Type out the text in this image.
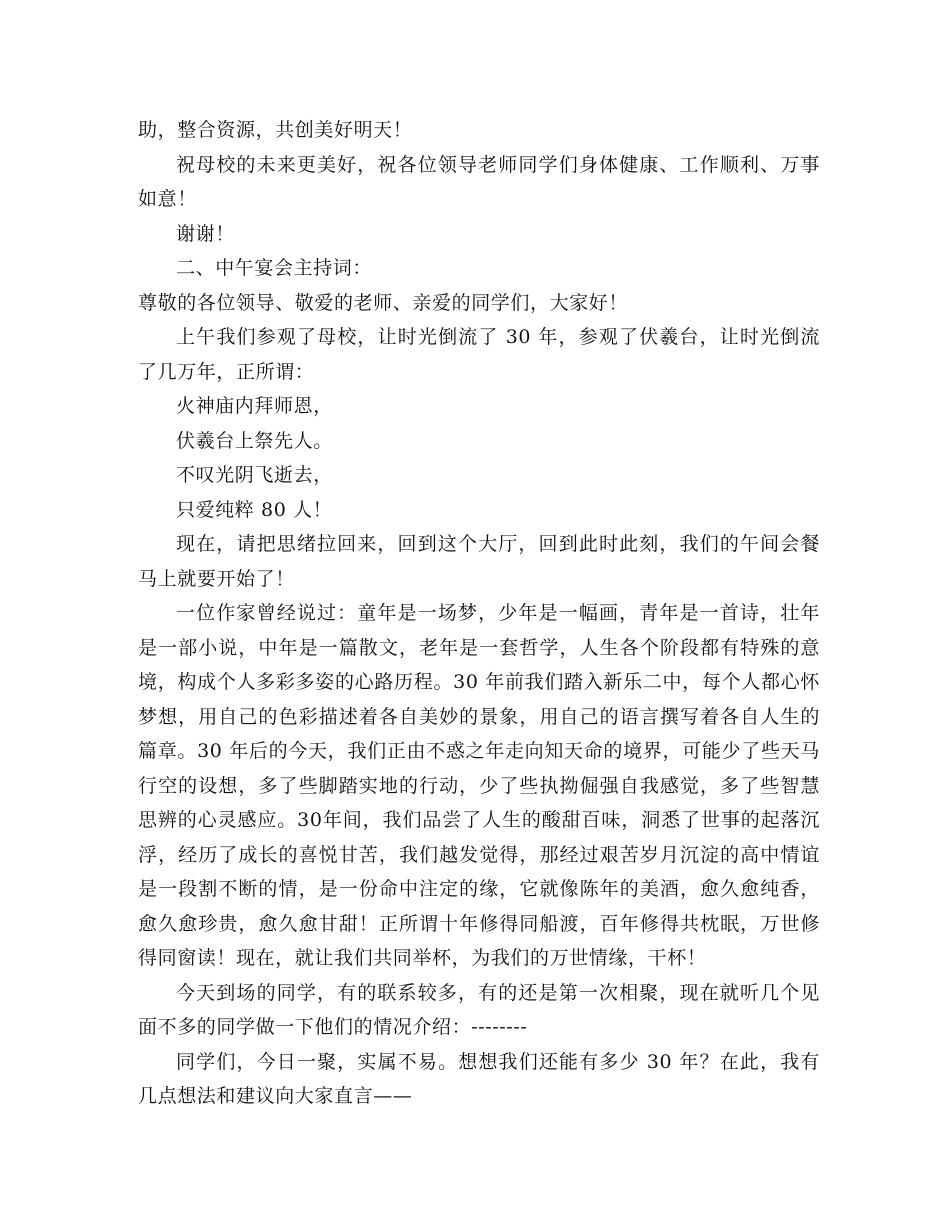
助，整合资源，共创美好明天！

祝母校的未来更美好，祝各位领导老师同学们身体健康、工作顺利、万事如意！

谢谢！

二、中午宴会主持词：

尊敬的各位领导、敬爱的老师、亲爱的同学们，大家好！

上午我们参观了母校，让时光倒流了 30 年，参观了伏羲台，让时光倒流了几万年，正所谓：

火神庙内拜师恩，

伏羲台上祭先人。

不叹光阴飞逝去，

只爱纯粹 80 人！

现在，请把思绪拉回来，回到这个大厅，回到此时此刻，我们的午间会餐马上就要开始了！

一位作家曾经说过：童年是一场梦，少年是一幅画，青年是一首诗，壮年是一部小说，中年是一篇散文，老年是一套哲学，人生各个阶段都有特殊的意境，构成个人多彩多姿的心路历程。30 年前我们踏入新乐二中，每个人都心怀梦想，用自己的色彩描述着各自美妙的景象，用自己的语言撰写着各自人生的篇章。30 年后的今天，我们正由不惑之年走向知天命的境界，可能少了些天马行空的设想，多了些脚踏实地的行动，少了些执拗倔强自我感觉，多了些智慧思辨的心灵感应。30年间，我们品尝了人生的酸甜百味，洞悉了世事的起落沉浮，经历了成长的喜悦甘苦，我们越发觉得，那经过艰苦岁月沉淀的高中情谊是一段割不断的情，是一份命中注定的缘，它就像陈年的美酒，愈久愈纯香，愈久愈珍贵，愈久愈甘甜！正所谓十年修得同船渡，百年修得共枕眠，万世修得同窗读！现在，就让我们共同举杯，为我们的万世情缘，干杯！

今天到场的同学，有的联系较多，有的还是第一次相聚，现在就听几个见面不多的同学做一下他们的情况介绍：--------

同学们，今日一聚，实属不易。想想我们还能有多少 30 年？在此，我有几点想法和建议向大家直言——
